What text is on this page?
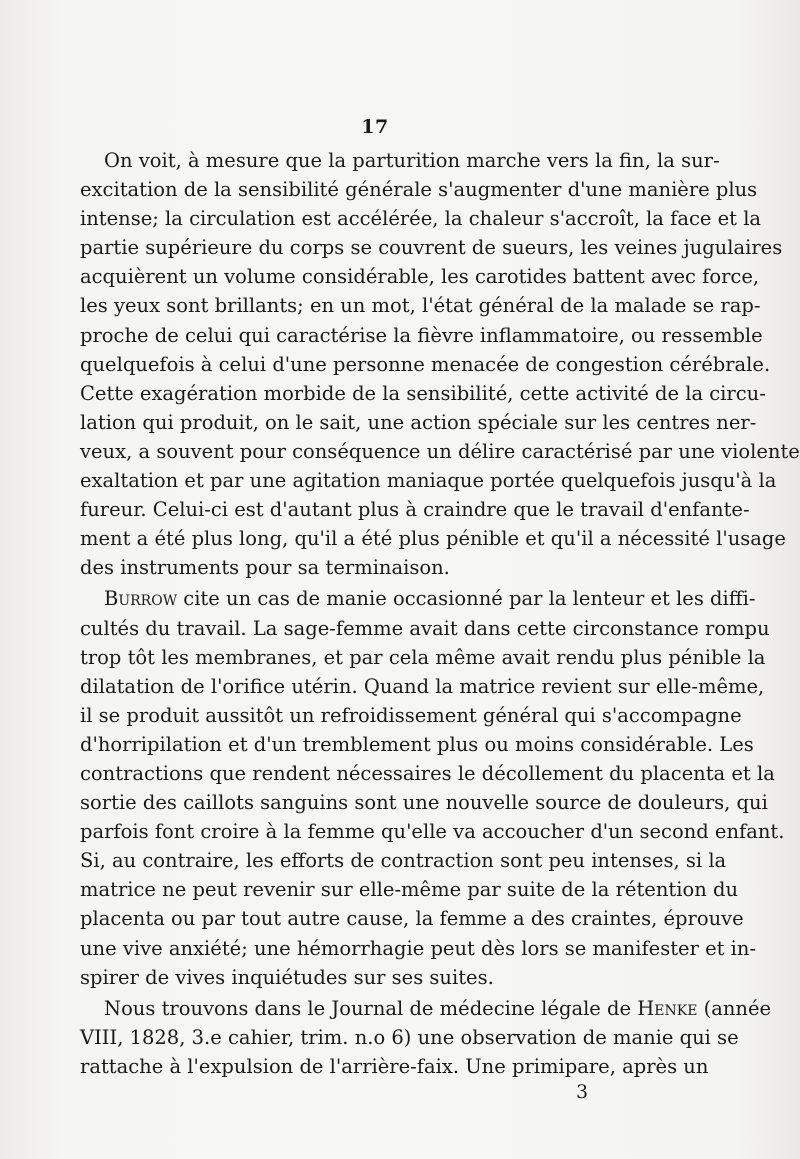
17
On voit, à mesure que la parturition marche vers la fin, la sur-
excitation de la sensibilité générale s'augmenter d'une manière plus
intense; la circulation est accélérée, la chaleur s'accroît, la face et la
partie supérieure du corps se couvrent de sueurs, les veines jugulaires
acquièrent un volume considérable, les carotides battent avec force,
les yeux sont brillants; en un mot, l'état général de la malade se rap-
proche de celui qui caractérise la fièvre inflammatoire, ou ressemble
quelquefois à celui d'une personne menacée de congestion cérébrale.
Cette exagération morbide de la sensibilité, cette activité de la circu-
lation qui produit, on le sait, une action spéciale sur les centres ner-
veux, a souvent pour conséquence un délire caractérisé par une violente
exaltation et par une agitation maniaque portée quelquefois jusqu'à la
fureur. Celui-ci est d'autant plus à craindre que le travail d'enfante-
ment a été plus long, qu'il a été plus pénible et qu'il a nécessité l'usage
des instruments pour sa terminaison.
Burrow cite un cas de manie occasionné par la lenteur et les diffi-
cultés du travail. La sage-femme avait dans cette circonstance rompu
trop tôt les membranes, et par cela même avait rendu plus pénible la
dilatation de l'orifice utérin. Quand la matrice revient sur elle-même,
il se produit aussitôt un refroidissement général qui s'accompagne
d'horripilation et d'un tremblement plus ou moins considérable. Les
contractions que rendent nécessaires le décollement du placenta et la
sortie des caillots sanguins sont une nouvelle source de douleurs, qui
parfois font croire à la femme qu'elle va accoucher d'un second enfant.
Si, au contraire, les efforts de contraction sont peu intenses, si la
matrice ne peut revenir sur elle-même par suite de la rétention du
placenta ou par tout autre cause, la femme a des craintes, éprouve
une vive anxiété; une hémorrhagie peut dès lors se manifester et in-
spirer de vives inquiétudes sur ses suites.
Nous trouvons dans le Journal de médecine légale de Henke (année
VIII, 1828, 3.e cahier, trim. n.o 6) une observation de manie qui se
rattache à l'expulsion de l'arrière-faix. Une primipare, après un
3
